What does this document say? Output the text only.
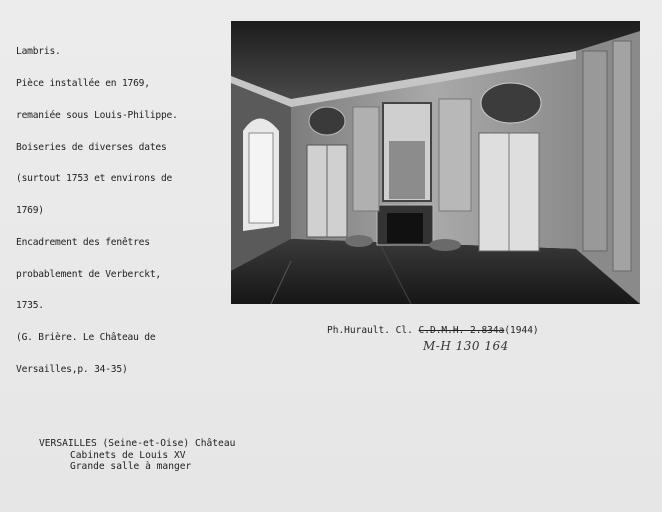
Lambris.

Pièce installée en 1769,

remaniée sous Louis-Philippe.

Boiseries de diverses dates

(surtout 1753 et environs de

1769)

Encadrement des fenêtres

probablement de Verberckt,

1735.

(G. Brière. Le Château de

Versailles,p. 34-35)

Ph.Hurault. Cl. C.D.M.H. 2.834a(1944)
M-H 130 164
VERSAILLES (Seine-et-Oise) Château
Cabinets de Louis XV
Grande salle à manger
